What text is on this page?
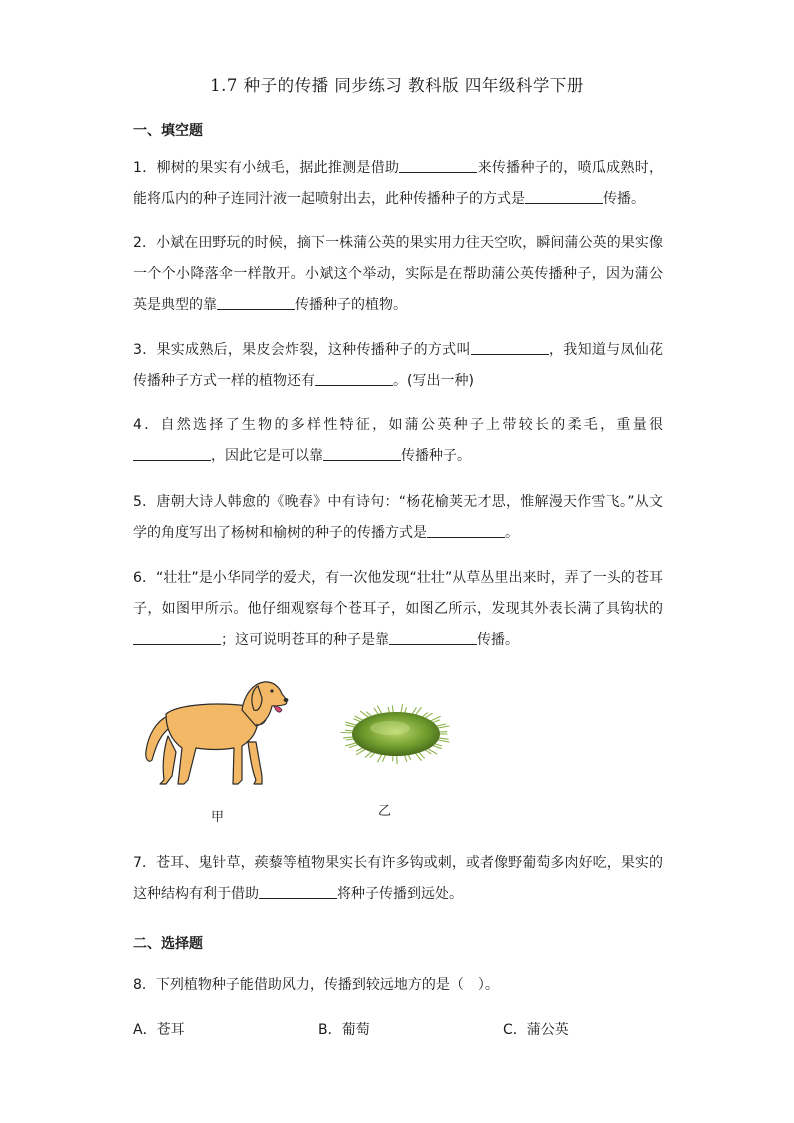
1.7 种子的传播 同步练习 教科版 四年级科学下册
一、填空题
1．柳树的果实有小绒毛，据此推测是借助	来传播种子的，喷瓜成熟时，能将瓜内的种子连同汁液一起喷射出去，此种传播种子的方式是	传播。
2．小斌在田野玩的时候，摘下一株蒲公英的果实用力往天空吹，瞬间蒲公英的果实像一个个小降落伞一样散开。小斌这个举动，实际是在帮助蒲公英传播种子，因为蒲公英是典型的靠	传播种子的植物。
3．果实成熟后，果皮会炸裂，这种传播种子的方式叫	，我知道与凤仙花传播种子方式一样的植物还有	。(写出一种)
4．自然选择了生物的多样性特征，如蒲公英种子上带较长的柔毛，重量很，因此它是可以靠	传播种子。
5．唐朝大诗人韩愈的《晚春》中有诗句：“杨花榆荚无才思，惟解漫天作雪飞。”从文学的角度写出了杨树和榆树的种子的传播方式是	。
6．“壮壮”是小华同学的爱犬，有一次他发现“壮壮”从草丛里出来时，弄了一头的苍耳子，如图甲所示。他仔细观察每个苍耳子，如图乙所示，发现其外表长满了具钩状的；这可说明苍耳的种子是靠	传播。
甲	乙
7．苍耳、鬼针草，蒺藜等植物果实长有许多钩或刺，或者像野葡萄多肉好吃，果实的这种结构有利于借助	将种子传播到远处。
二、选择题
8．下列植物种子能借助风力，传播到较远地方的是（　）。
A．苍耳	B．葡萄	C．蒲公英
